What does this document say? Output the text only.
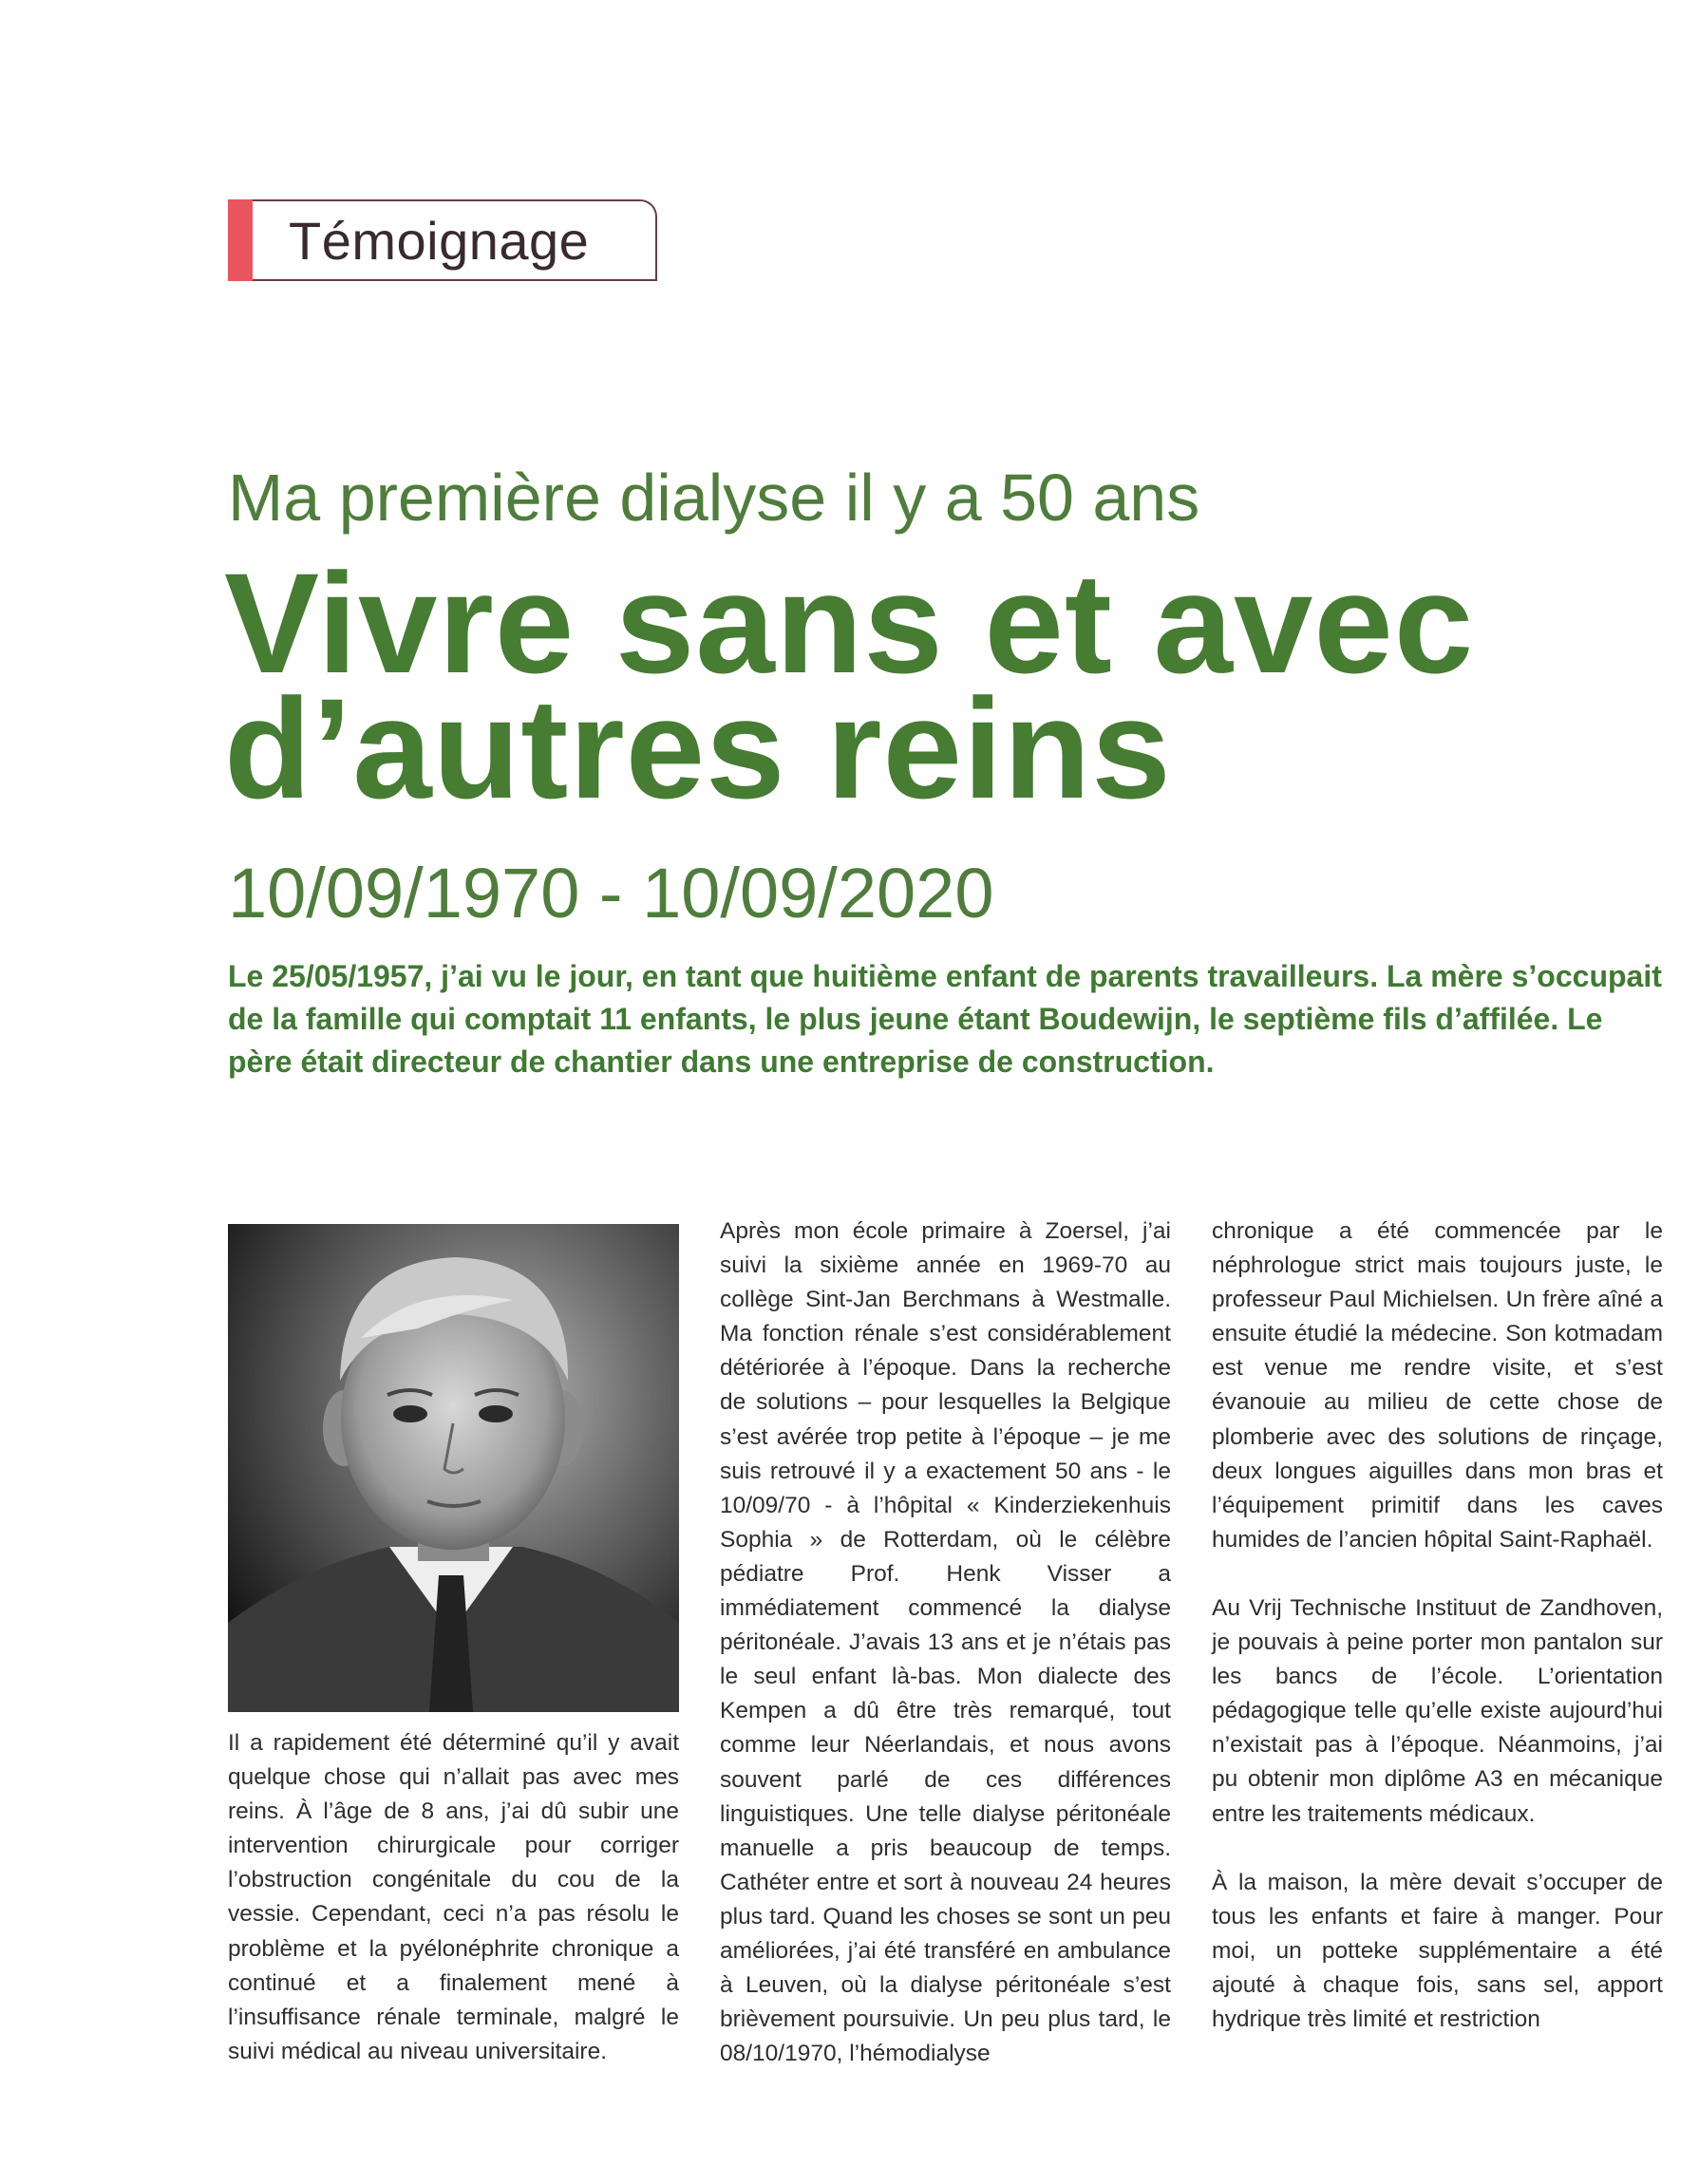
Témoignage
Ma première dialyse il y a 50 ans
Vivre sans et avec d’autres reins
10/09/1970 - 10/09/2020

Le 25/05/1957, j’ai vu le jour, en tant que huitième enfant de parents travailleurs. La mère s’occupait de la famille qui comptait 11 enfants, le plus jeune étant Boudewijn, le septième fils d’affilée. Le père était directeur de chantier dans une entreprise de construction.

Il a rapidement été déterminé qu’il y avait quelque chose qui n’allait pas avec mes reins. À l’âge de 8 ans, j’ai dû subir une intervention chirurgicale pour corriger l’obstruction congénitale du cou de la vessie. Cependant, ceci n’a pas résolu le problème et la pyélonéphrite chronique a continué et a finalement mené à l’insuffisance rénale terminale, malgré le suivi médical au niveau universitaire.

Après mon école primaire à Zoersel, j’ai suivi la sixième année en 1969-70 au collège Sint-Jan Berchmans à Westmalle. Ma fonction rénale s’est considérablement détériorée à l’époque. Dans la recherche de solutions – pour lesquelles la Belgique s’est avérée trop petite à l’époque – je me suis retrouvé il y a exactement 50 ans - le 10/09/70 - à l’hôpital « Kinderziekenhuis Sophia » de Rotterdam, où le célèbre pédiatre Prof. Henk Visser a immédiatement commencé la dialyse péritonéale. J’avais 13 ans et je n’étais pas le seul enfant là-bas. Mon dialecte des Kempen a dû être très remarqué, tout comme leur Néerlandais, et nous avons souvent parlé de ces différences linguistiques. Une telle dialyse péritonéale manuelle a pris beaucoup de temps. Cathéter entre et sort à nouveau 24 heures plus tard. Quand les choses se sont un peu améliorées, j’ai été transféré en ambulance à Leuven, où la dialyse péritonéale s’est brièvement poursuivie. Un peu plus tard, le 08/10/1970, l’hémodialyse

chronique a été commencée par le néphrologue strict mais toujours juste, le professeur Paul Michielsen. Un frère aîné a ensuite étudié la médecine. Son kotmadam est venue me rendre visite, et s’est évanouie au milieu de cette chose de plomberie avec des solutions de rinçage, deux longues aiguilles dans mon bras et l’équipement primitif dans les caves humides de l’ancien hôpital Saint-Raphaël.

Au Vrij Technische Instituut de Zandhoven, je pouvais à peine porter mon pantalon sur les bancs de l’école. L’orientation pédagogique telle qu’elle existe aujourd’hui n’existait pas à l’époque. Néanmoins, j’ai pu obtenir mon diplôme A3 en mécanique entre les traitements médicaux.

À la maison, la mère devait s’occuper de tous les enfants et faire à manger. Pour moi, un potteke supplémentaire a été ajouté à chaque fois, sans sel, apport hydrique très limité et restriction
